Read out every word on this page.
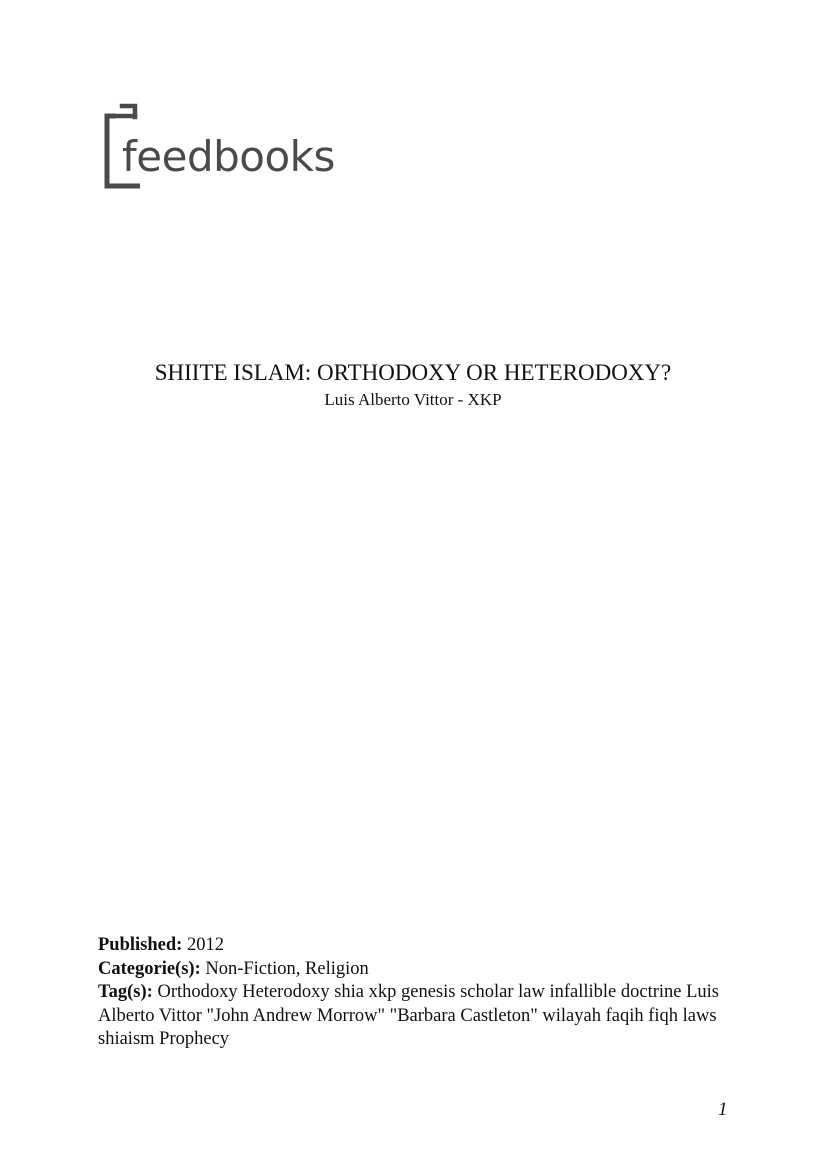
feedbooks
SHIITE ISLAM: ORTHODOXY OR HETERODOXY?
Luis Alberto Vittor - XKP

Published: 2012

Categorie(s): Non-Fiction, Religion

Tag(s): Orthodoxy Heterodoxy shia xkp genesis scholar law infallible doctrine Luis Alberto Vittor "John Andrew Morrow" "Barbara Castleton" wilayah faqih fiqh laws shiaism Prophecy

1
